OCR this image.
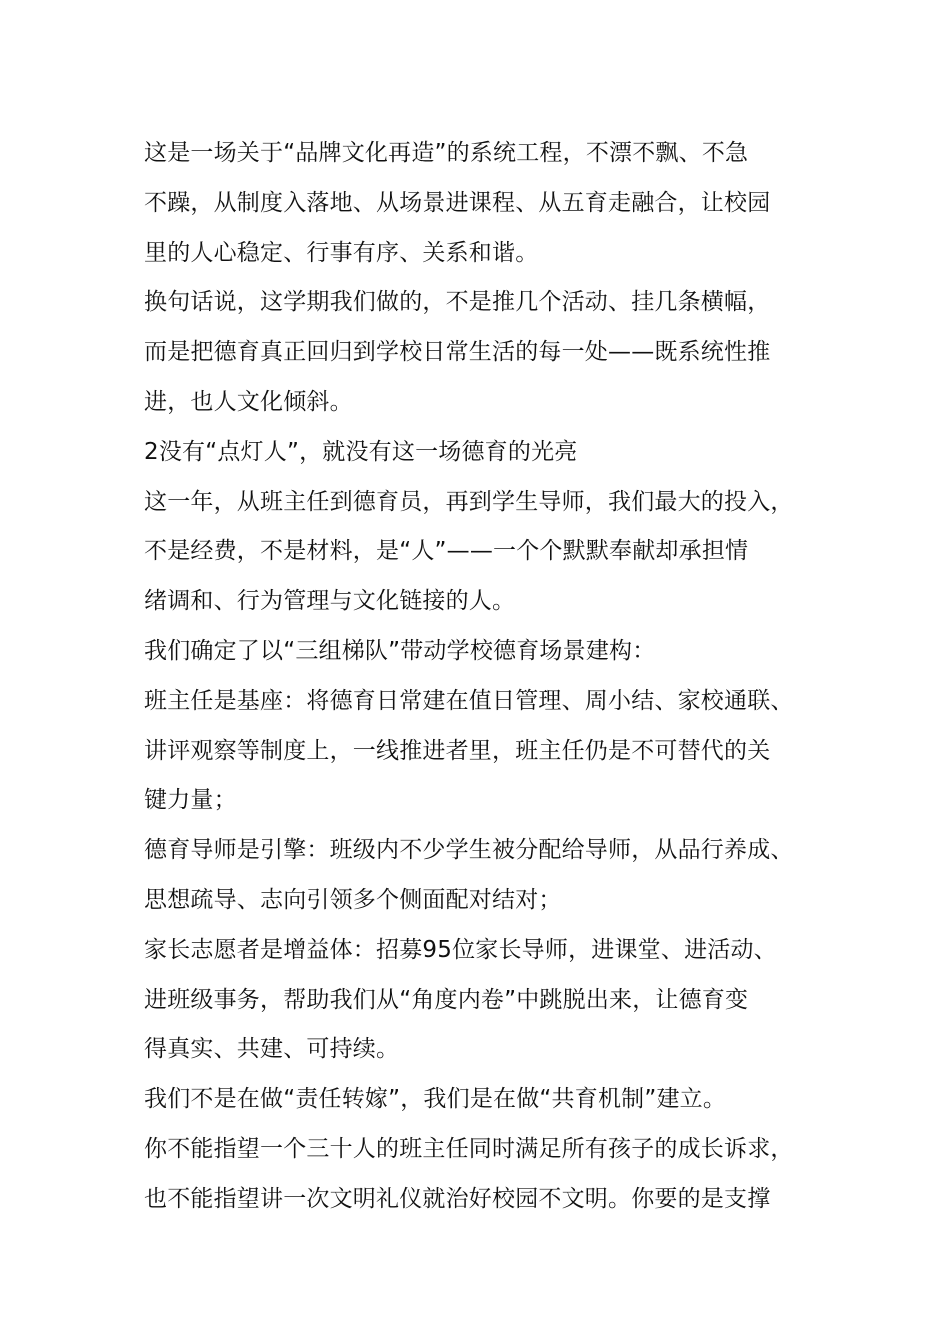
这是一场关于“品牌文化再造”的系统工程，不漂不飘、不急
不躁，从制度入落地、从场景进课程、从五育走融合，让校园
里的人心稳定、行事有序、关系和谐。
换句话说，这学期我们做的，不是推几个活动、挂几条横幅，
而是把德育真正回归到学校日常生活的每一处——既系统性推
进，也人文化倾斜。
2没有“点灯人”，就没有这一场德育的光亮
这一年，从班主任到德育员，再到学生导师，我们最大的投入，
不是经费，不是材料，是“人”——一个个默默奉献却承担情
绪调和、行为管理与文化链接的人。
我们确定了以“三组梯队”带动学校德育场景建构：
班主任是基座：将德育日常建在值日管理、周小结、家校通联、
讲评观察等制度上，一线推进者里，班主任仍是不可替代的关
键力量；
德育导师是引擎：班级内不少学生被分配给导师，从品行养成、
思想疏导、志向引领多个侧面配对结对；
家长志愿者是增益体：招募95位家长导师，进课堂、进活动、
进班级事务，帮助我们从“角度内卷”中跳脱出来，让德育变
得真实、共建、可持续。
我们不是在做“责任转嫁”，我们是在做“共育机制”建立。
你不能指望一个三十人的班主任同时满足所有孩子的成长诉求，
也不能指望讲一次文明礼仪就治好校园不文明。你要的是支撑
